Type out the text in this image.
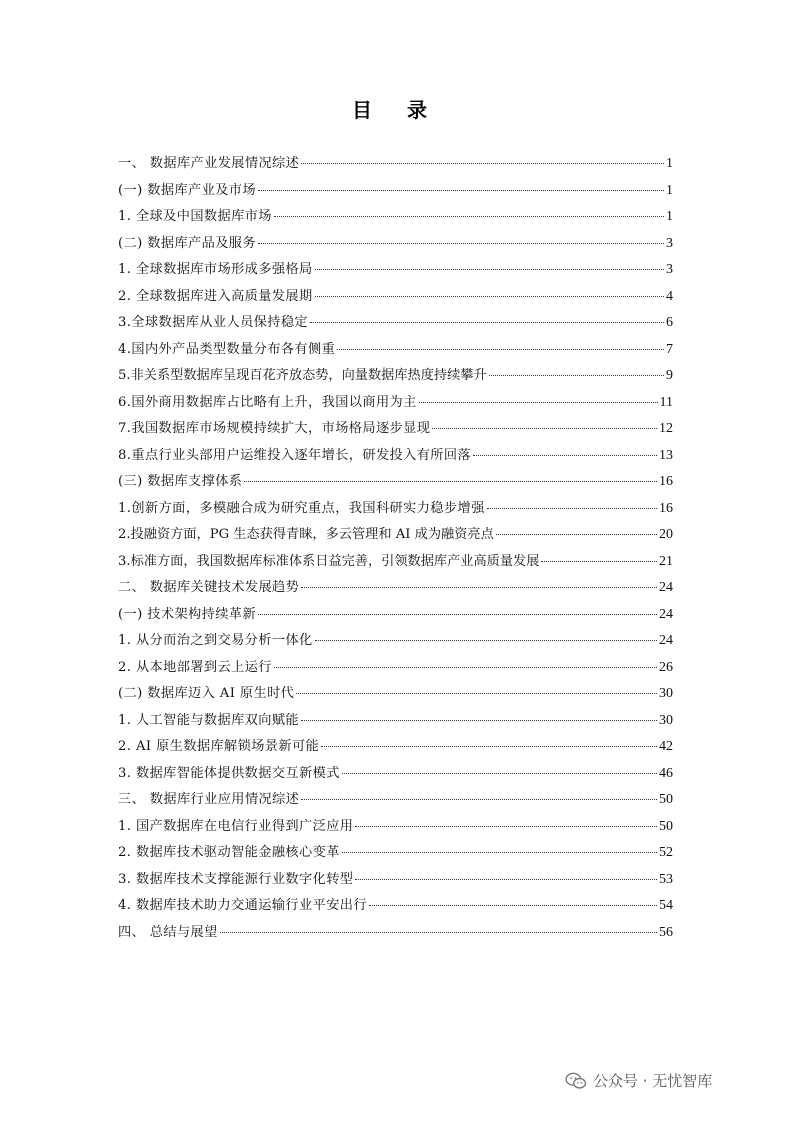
目 录
一、 数据库产业发展情况综述	1
(一) 数据库产业及市场	1
1. 全球及中国数据库市场	1
(二) 数据库产品及服务	3
1. 全球数据库市场形成多强格局	3
2. 全球数据库进入高质量发展期	4
3.全球数据库从业人员保持稳定	6
4.国内外产品类型数量分布各有侧重	7
5.非关系型数据库呈现百花齐放态势，向量数据库热度持续攀升	9
6.国外商用数据库占比略有上升，我国以商用为主	11
7.我国数据库市场规模持续扩大，市场格局逐步显现	12
8.重点行业头部用户运维投入逐年增长，研发投入有所回落	13
(三) 数据库支撑体系	16
1.创新方面，多模融合成为研究重点，我国科研实力稳步增强	16
2.投融资方面，PG 生态获得青睐，多云管理和 AI 成为融资亮点	20
3.标准方面，我国数据库标准体系日益完善，引领数据库产业高质量发展	21
二、 数据库关键技术发展趋势	24
(一) 技术架构持续革新	24
1. 从分而治之到交易分析一体化	24
2. 从本地部署到云上运行	26
(二) 数据库迈入 AI 原生时代	30
1. 人工智能与数据库双向赋能	30
2. AI 原生数据库解锁场景新可能	42
3. 数据库智能体提供数据交互新模式	46
三、 数据库行业应用情况综述	50
1. 国产数据库在电信行业得到广泛应用	50
2. 数据库技术驱动智能金融核心变革	52
3. 数据库技术支撑能源行业数字化转型	53
4. 数据库技术助力交通运输行业平安出行	54
四、 总结与展望	56
公众号 · 无忧智库
